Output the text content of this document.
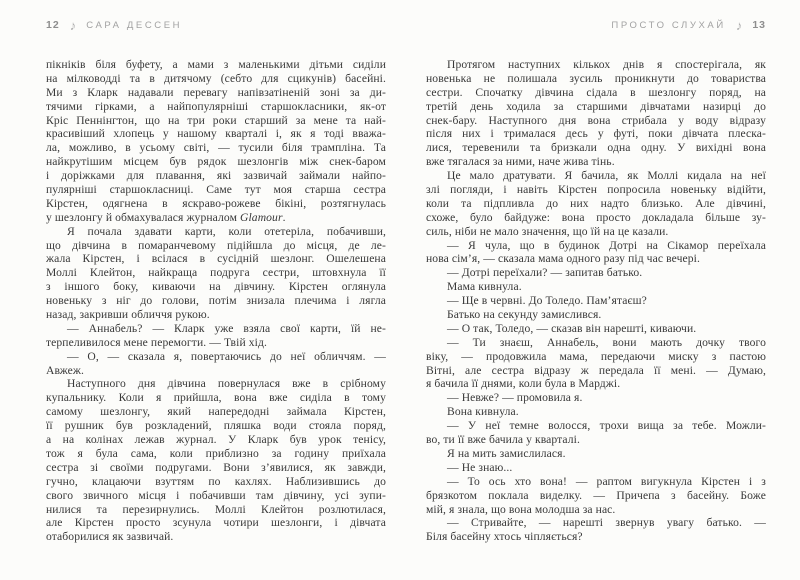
12 ♪ САРА ДЕССЕН
пікніків біля буфету, а мами з маленькими дітьми сиділи
на мілководді та в дитячому (себто для сцикунів) басейні.
Ми з Кларк надавали перевагу напівзатіненій зоні за ди-
тячими гірками, а найпопулярніші старшокласники, як-от
Кріс Пеннінгтон, що на три роки старший за мене та най-
красивіший хлопець у нашому кварталі і, як я тоді вважа-
ла, можливо, в усьому світі, — тусили біля трампліна. Та
найкрутішим місцем був рядок шезлонгів між снек-баром
і доріжками для плавання, які зазвичай займали найпо-
пулярніші старшокласниці. Саме тут моя старша сестра
Кірстен, одягнена в яскраво-рожеве бікіні, розтягнулась
у шезлонгу й обмахувалася журналом Glamour.
Я почала здавати карти, коли отетеріла, побачивши,
що дівчина в помаранчевому підійшла до місця, де ле-
жала Кірстен, і всілася в сусідній шезлонг. Ошелешена
Моллі Клейтон, найкраща подруга сестри, штовхнула її
з іншого боку, киваючи на дівчину. Кірстен оглянула
новеньку з ніг до голови, потім знизала плечима і лягла
назад, закривши обличчя рукою.
— Аннабель? — Кларк уже взяла свої карти, їй не-
терпеливилося мене перемогти. — Твій хід.
— О, — сказала я, повертаючись до неї обличчям. —
Авжеж.
Наступного дня дівчина повернулася вже в срібному
купальнику. Коли я прийшла, вона вже сиділа в тому
самому шезлонгу, який напередодні займала Кірстен,
її рушник був розкладений, пляшка води стояла поряд,
а на колінах лежав журнал. У Кларк був урок тенісу,
тож я була сама, коли приблизно за годину приїхала
сестра зі своїми подругами. Вони з’явилися, як завжди,
гучно, клацаючи взуттям по кахлях. Наблизившись до
свого звичного місця і побачивши там дівчину, усі зупи-
нилися та перезирнулись. Моллі Клейтон розлютилася,
але Кірстен просто зсунула чотири шезлонги, і дівчата
отаборилися як зазвичай.
ПРОСТО СЛУХАЙ ♪ 13
Протягом наступних кількох днів я спостерігала, як
новенька не полишала зусиль проникнути до товариства
сестри. Спочатку дівчина сідала в шезлонгу поряд, на
третій день ходила за старшими дівчатами назирці до
снек-бару. Наступного дня вона стрибала у воду відразу
після них і трималася десь у футі, поки дівчата плеска-
лися, теревенили та бризкали одна одну. У вихідні вона
вже тягалася за ними, наче жива тінь.
Це мало дратувати. Я бачила, як Моллі кидала на неї
злі погляди, і навіть Кірстен попросила новеньку відійти,
коли та підпливла до них надто близько. Але дівчині,
схоже, було байдуже: вона просто докладала більше зу-
силь, ніби не мало значення, що їй на це казали.
— Я чула, що в будинок Дотрі на Сікамор переїхала
нова сім’я, — сказала мама одного разу під час вечері.
— Дотрі переїхали? — запитав батько.
Мама кивнула.
— Ще в червні. До Толедо. Пам’ятаєш?
Батько на секунду замислився.
— О так, Толедо, — сказав він нарешті, киваючи.
— Ти знаєш, Аннабель, вони мають дочку твого
віку, — продовжила мама, передаючи миску з пастою
Вітні, але сестра відразу ж передала її мені. — Думаю,
я бачила її днями, коли була в Марджі.
— Невже? — промовила я.
Вона кивнула.
— У неї темне волосся, трохи вища за тебе. Можли-
во, ти її вже бачила у кварталі.
Я на мить замислилася.
— Не знаю...
— То ось хто вона! — раптом вигукнула Кірстен і з
брязкотом поклала виделку. — Причепа з басейну. Боже
мій, я знала, що вона молодша за нас.
— Стривайте, — нарешті звернув увагу батько. —
Біля басейну хтось чіпляється?
